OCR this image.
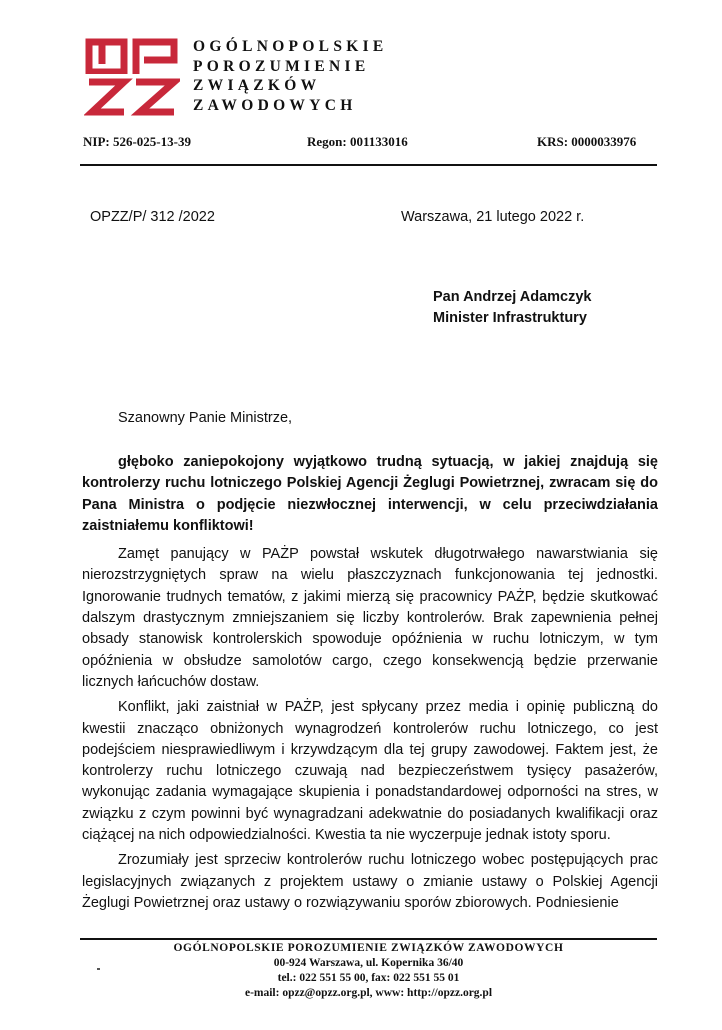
OGÓLNOPOLSKIE
POROZUMIENIE
ZWIĄZKÓW
ZAWODOWYCH
NIP: 526-025-13-39	Regon: 001133016	KRS: 0000033976
OPZZ/P/ 312 /2022	Warszawa, 21 lutego 2022 r.
Pan Andrzej Adamczyk
Minister Infrastruktury
Szanowny Panie Ministrze,

głęboko zaniepokojony wyjątkowo trudną sytuacją, w jakiej znajdują się kontrolerzy ruchu lotniczego Polskiej Agencji Żeglugi Powietrznej, zwracam się do Pana Ministra o podjęcie niezwłocznej interwencji, w celu przeciwdziałania zaistniałemu konfliktowi!

Zamęt panujący w PAŻP powstał wskutek długotrwałego nawarstwiania się nierozstrzygniętych spraw na wielu płaszczyznach funkcjonowania tej jednostki. Ignorowanie trudnych tematów, z jakimi mierzą się pracownicy PAŻP, będzie skutkować dalszym drastycznym zmniejszaniem się liczby kontrolerów. Brak zapewnienia pełnej obsady stanowisk kontrolerskich spowoduje opóźnienia w ruchu lotniczym, w tym opóźnienia w obsłudze samolotów cargo, czego konsekwencją będzie przerwanie licznych łańcuchów dostaw.

Konflikt, jaki zaistniał w PAŻP, jest spłycany przez media i opinię publiczną do kwestii znacząco obniżonych wynagrodzeń kontrolerów ruchu lotniczego, co jest podejściem niesprawiedliwym i krzywdzącym dla tej grupy zawodowej. Faktem jest, że kontrolerzy ruchu lotniczego czuwają nad bezpieczeństwem tysięcy pasażerów, wykonując zadania wymagające skupienia i ponadstandardowej odporności na stres, w związku z czym powinni być wynagradzani adekwatnie do posiadanych kwalifikacji oraz ciążącej na nich odpowiedzialności. Kwestia ta nie wyczerpuje jednak istoty sporu.

Zrozumiały jest sprzeciw kontrolerów ruchu lotniczego wobec postępujących prac legislacyjnych związanych z projektem ustawy o zmianie ustawy o Polskiej Agencji Żeglugi Powietrznej oraz ustawy o rozwiązywaniu sporów zbiorowych. Podniesienie

OGÓLNOPOLSKIE POROZUMIENIE ZWIĄZKÓW ZAWODOWYCH
00-924 Warszawa, ul. Kopernika 36/40
tel.: 022 551 55 00, fax: 022 551 55 01
e-mail: opzz@opzz.org.pl, www: http://opzz.org.pl
